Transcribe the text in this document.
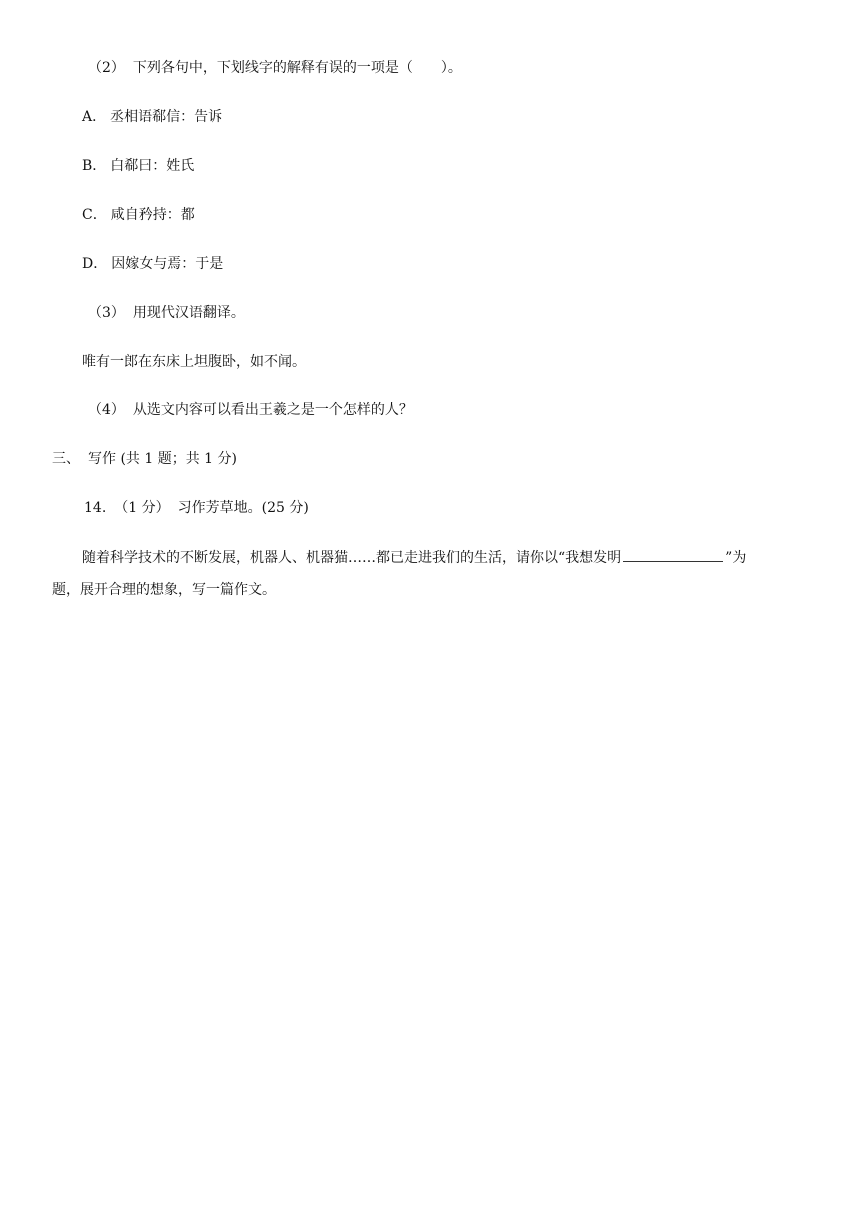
（2） 下列各句中，下划线字的解释有误的一项是（　　）。
A． 丞相语郗信：告诉
B． 白郗曰：姓氏
C． 咸自矜持：都
D． 因嫁女与焉：于是
（3） 用现代汉语翻译。
唯有一郎在东床上坦腹卧，如不闻。
（4） 从选文内容可以看出王羲之是一个怎样的人？
三、 写作 (共 1 题；共 1 分)
14. （1 分） 习作芳草地。(25 分)
随着科学技术的不断发展，机器人、机器猫……都已走进我们的生活，请你以“我想发明	”为
题，展开合理的想象，写一篇作文。
